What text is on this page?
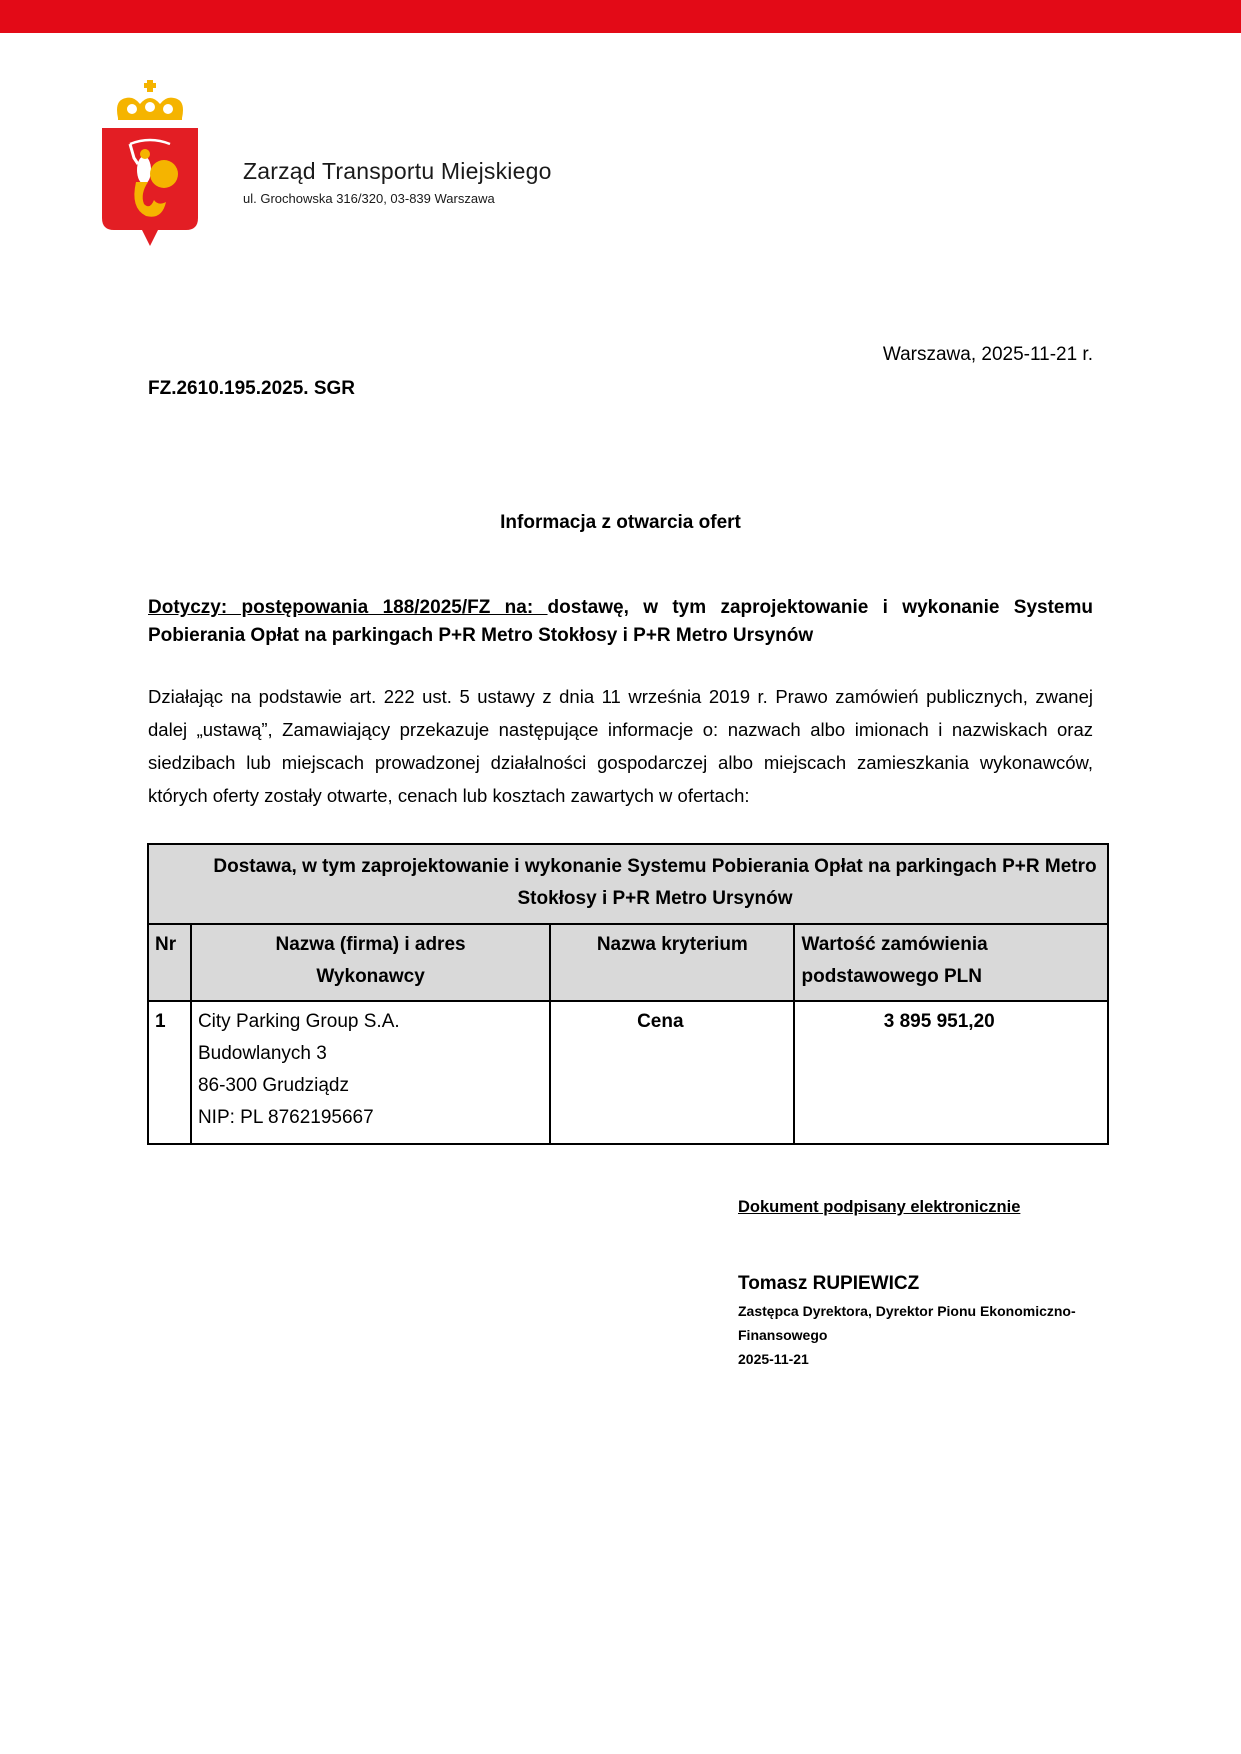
Zarząd Transportu Miejskiego
ul. Grochowska 316/320, 03-839 Warszawa
Warszawa, 2025-11-21 r.
FZ.2610.195.2025. SGR
Informacja z otwarcia ofert
Dotyczy: postępowania 188/2025/FZ na: dostawę, w tym zaprojektowanie i wykonanie Systemu Pobierania Opłat na parkingach P+R Metro Stokłosy i P+R Metro Ursynów
Działając na podstawie art. 222 ust. 5 ustawy z dnia 11 września 2019 r. Prawo zamówień publicznych, zwanej dalej „ustawą”, Zamawiający przekazuje następujące informacje o: nazwach albo imionach i nazwiskach oraz siedzibach lub miejscach prowadzonej działalności gospodarczej albo miejscach zamieszkania wykonawców, których oferty zostały otwarte, cenach lub kosztach zawartych w ofertach:
Dostawa, w tym zaprojektowanie i wykonanie Systemu Pobierania Opłat na parkingach P+R Metro Stokłosy i P+R Metro Ursynów			
Nr	Nazwa (firma) i adres Wykonawcy	Nazwa kryterium	Wartość zamówienia podstawowego PLN
1	City Parking Group S.A.
Budowlanych 3
86-300 Grudziądz
NIP: PL 8762195667	Cena	3 895 951,20
Dokument podpisany elektronicznie
Tomasz RUPIEWICZ
Zastępca Dyrektora, Dyrektor Pionu Ekonomiczno-
Finansowego
2025-11-21
